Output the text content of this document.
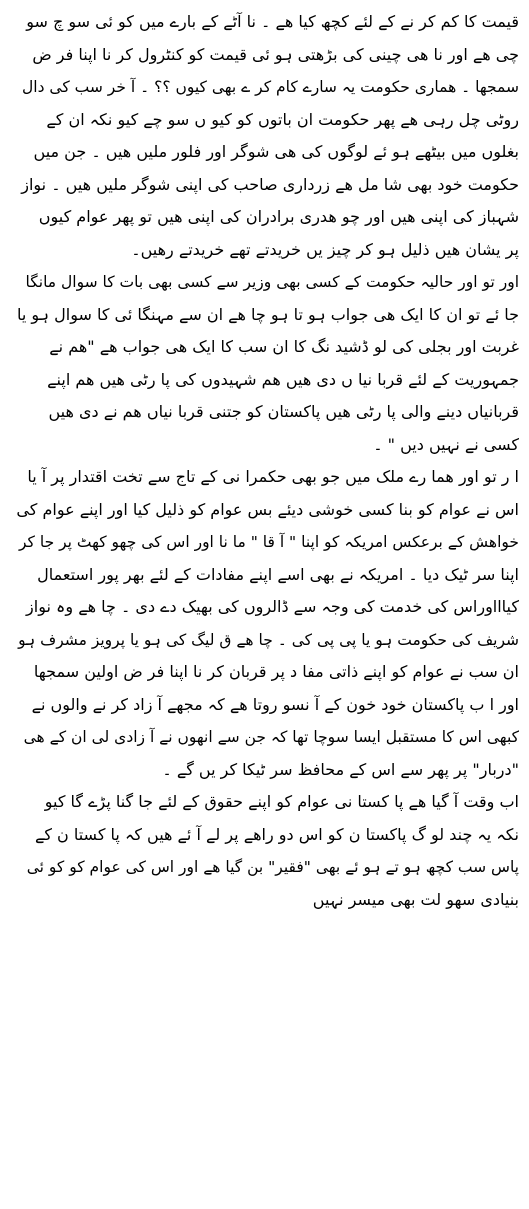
قیمت کا کم کر نے کے لئے کچھ کیا ھے ۔ نا آٹے کے بارے میں کو ئی سو چ سو
چی ھے اور نا ھی چینی کی بڑھتی ہو ئی قیمت کو کنٹرول کر نا اپنا فر ض
سمجھا ۔ ھماری حکومت یہ سارے کام کر ے بھی کیوں ؟؟ ۔ آ خر سب کی دال
روٹی چل رہی ھے پھر حکومت ان باتوں کو کیو ں سو چے کیو نکہ ان کے
بغلوں میں بیٹھے ہو ئے لوگوں کی ھی شوگر اور فلور ملیں ھیں ۔ جن میں
حکومت خود بھی شا مل ھے زرداری صاحب کی اپنی شوگر ملیں ھیں ۔ نواز
شہباز کی اپنی ھیں اور چو ھدری برادران کی اپنی ھیں تو پھر عوام کیوں
پر یشان ھیں ذلیل ہو کر چیز یں خریدتے تھے خریدتے رھیں۔
اور تو اور حالیہ حکومت کے کسی بھی وزیر سے کسی بھی بات کا سوال مانگا
جا ئے تو ان کا ایک ھی جواب ہو تا ہو چا ھے ان سے مہنگا ئی کا سوال ہو یا
غربت اور بجلی کی لو ڈشید نگ کا ان سب کا ایک ھی جواب ھے "ھم نے
جمہوریت کے لئے قربا نیا ں دی ھیں ھم شہیدوں کی پا رٹی ھیں ھم اپنے
قربانیاں دینے والی پا رٹی ھیں پاکستان کو جتنی قربا نیاں ھم نے دی ھیں
کسی نے نہیں دیں " ۔
ا ر تو اور ھما رے ملک میں جو بھی حکمرا نی کے تاج سے تخت اقتدار پر آ یا
اس نے عوام کو بنا کسی خوشی دیئے بس عوام کو ذلیل کیا اور اپنے عوام کی
خواھش کے برعکس امریکہ کو اپنا " آ قا " ما نا اور اس کی چھو کھٹ پر جا کر
اپنا سر ٹیک دیا ۔ امریکہ نے بھی اسے اپنے مفادات کے لئے بھر پور استعمال
کیاااوراس کی خدمت کی وجہ سے ڈالروں کی بھیک دے دی ۔ چا ھے وہ نواز
شریف کی حکومت ہو یا پی پی کی ۔ چا ھے ق لیگ کی ہو یا پرویز مشرف ہو
ان سب نے عوام کو اپنے ذاتی مفا د پر قربان کر نا اپنا فر ض اولین سمجھا
اور ا ب پاکستان خود خون کے آ نسو روتا ھے کہ مجھے آ زاد کر نے والوں نے
کبھی اس کا مستقبل ایسا سوچا تھا کہ جن سے انھوں نے آ زادی لی ان کے ھی
"دربار" پر پھر سے اس کے محافظ سر ٹیکا کر یں گے ۔
اب وقت آ گیا ھے پا کستا نی عوام کو اپنے حقوق کے لئے جا گنا پڑے گا کیو
نکہ یہ چند لو گ پاکستا ن کو اس دو راھے پر لے آ ئے ھیں کہ پا کستا ن کے
پاس سب کچھ ہو تے ہو ئے بھی "فقیر" بن گیا ھے اور اس کی عوام کو کو ئی
بنیادی سھو لت بھی میسر نہیں
